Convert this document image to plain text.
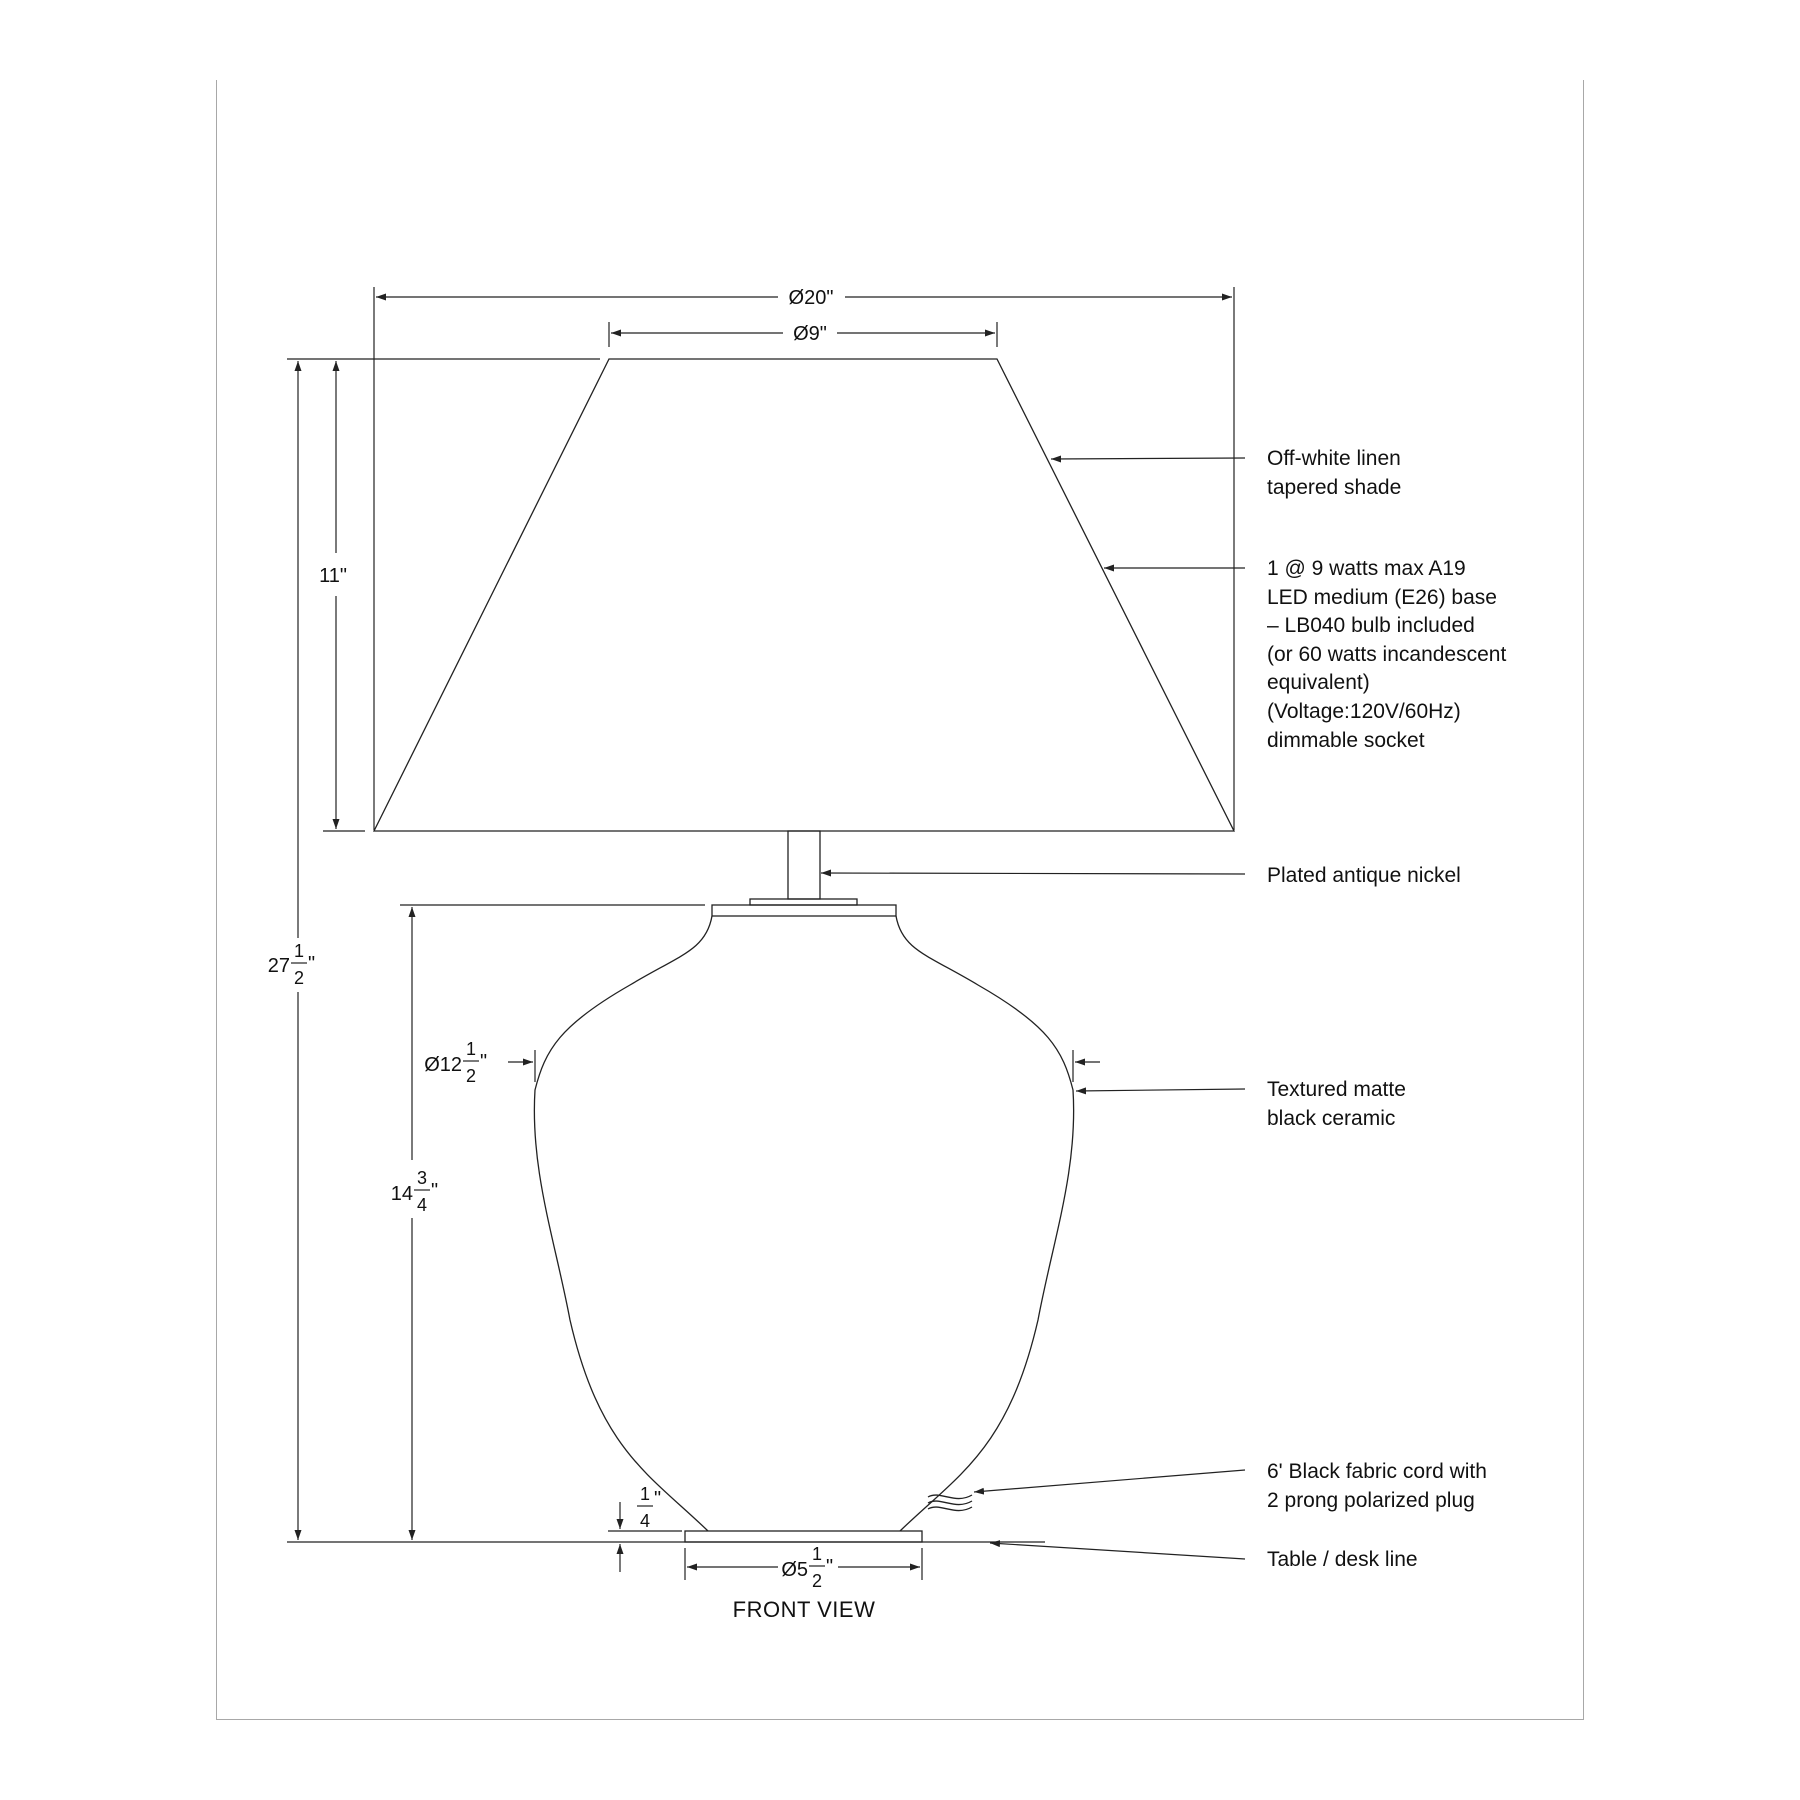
Ø20"
Ø9"
11"
27
1
2
"
14
3
4
"
Ø12
1
2
"
1
4
"
Ø5
1
2
"
Off-white linen tapered shade
1 @ 9 watts max A19 LED medium (E26) base – LB040 bulb included (or 60 watts incandescent equivalent) (Voltage:120V/60Hz) dimmable socket
Plated antique nickel
Textured matte black ceramic
6' Black fabric cord with 2 prong polarized plug
Table / desk line
FRONT VIEW
